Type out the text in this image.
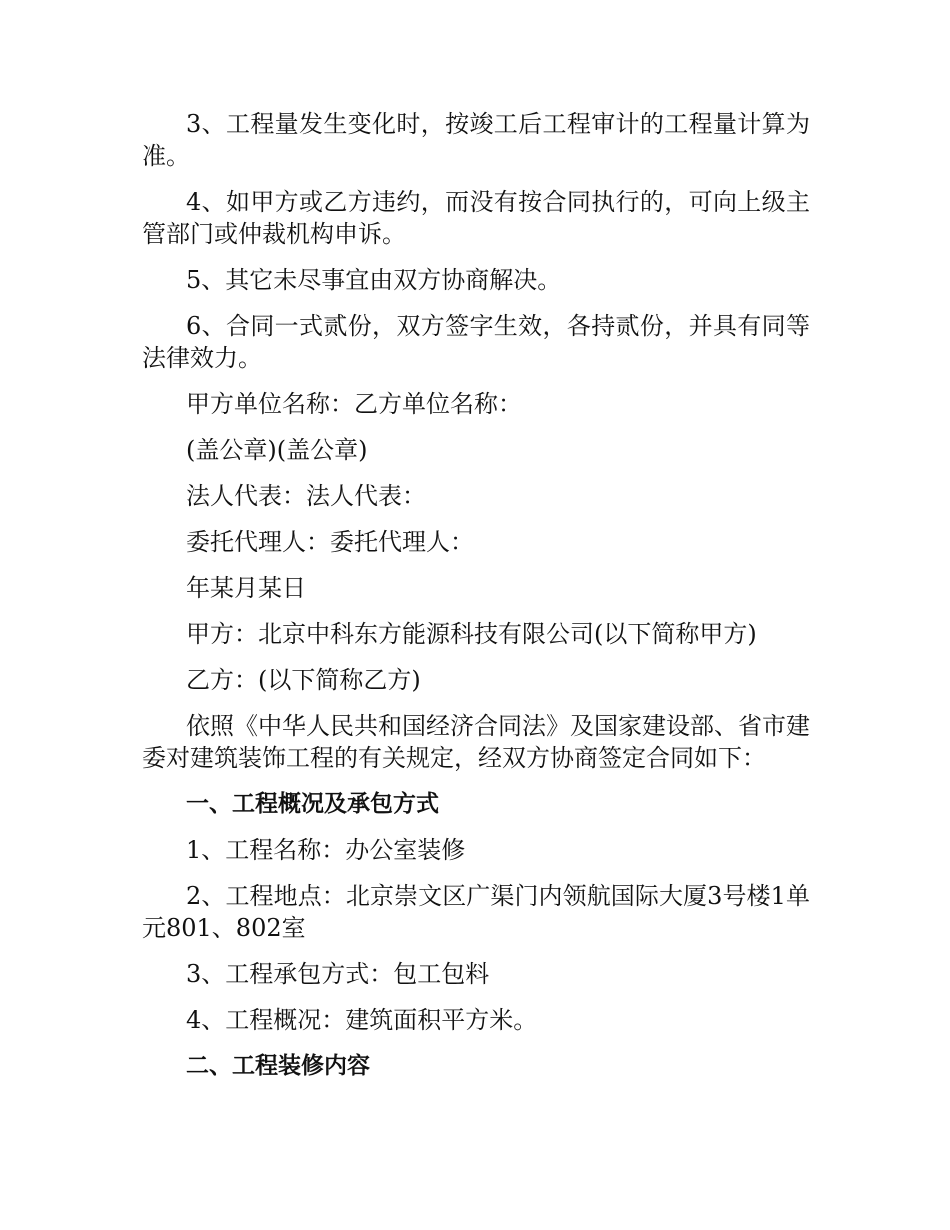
3、工程量发生变化时，按竣工后工程审计的工程量计算为准。

4、如甲方或乙方违约，而没有按合同执行的，可向上级主管部门或仲裁机构申诉。

5、其它未尽事宜由双方协商解决。

6、合同一式贰份，双方签字生效，各持贰份，并具有同等法律效力。

甲方单位名称：乙方单位名称：

(盖公章)(盖公章)

法人代表：法人代表：

委托代理人：委托代理人：

年某月某日

甲方：北京中科东方能源科技有限公司(以下简称甲方)

乙方：(以下简称乙方)

依照《中华人民共和国经济合同法》及国家建设部、省市建委对建筑装饰工程的有关规定，经双方协商签定合同如下：

一、工程概况及承包方式

1、工程名称：办公室装修

2、工程地点：北京崇文区广渠门内领航国际大厦3号楼1单元801、802室

3、工程承包方式：包工包料

4、工程概况：建筑面积平方米。

二、工程装修内容
